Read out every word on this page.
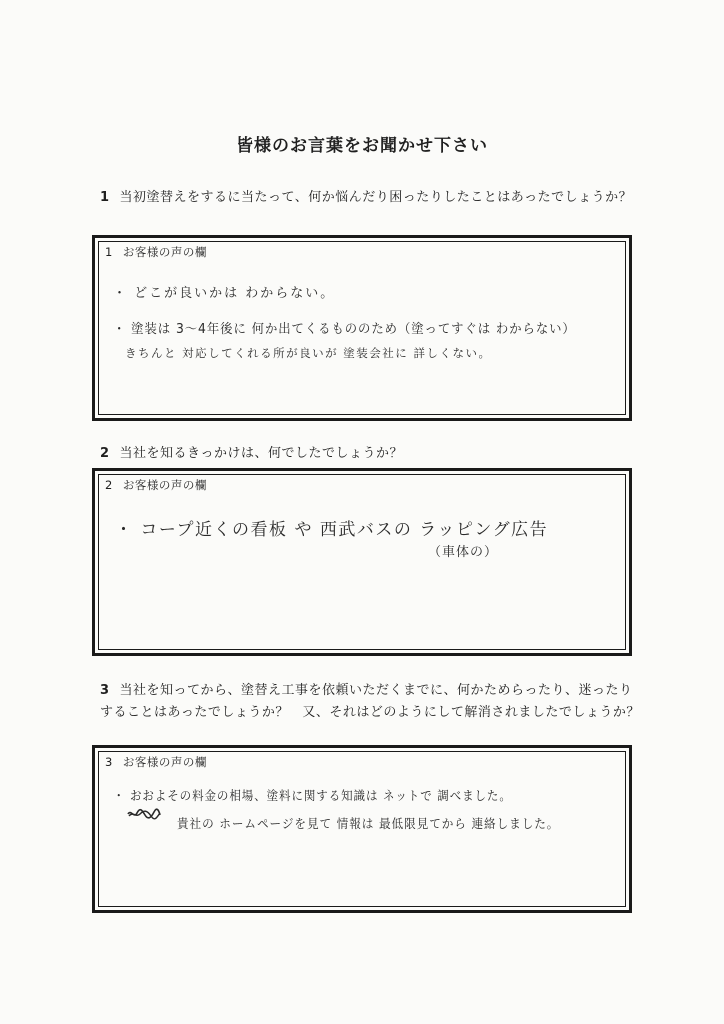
皆様のお言葉をお聞かせ下さい
1 当初塗替えをするに当たって、何か悩んだり困ったりしたことはあったでしょうか？
1 お客様の声の欄
・ どこが良いかは わからない。
・ 塗装は 3～4年後に 何か出てくるもののため（塗ってすぐは わからない）
きちんと 対応してくれる所が良いが 塗装会社に 詳しくない。
2 当社を知るきっかけは、何でしたでしょうか？
2 お客様の声の欄
・ コープ近くの看板 や 西武バスの ラッピング広告
（車体の）
3 当社を知ってから、塗替え工事を依頼いただくまでに、何かためらったり、迷ったりすることはあったでしょうか？　又、それはどのようにして解消されましたでしょうか？
3 お客様の声の欄
・ おおよその料金の相場、塗料に関する知識は ネットで 調べました。
貴社の ホームページを見て 情報は 最低限見てから 連絡しました。
